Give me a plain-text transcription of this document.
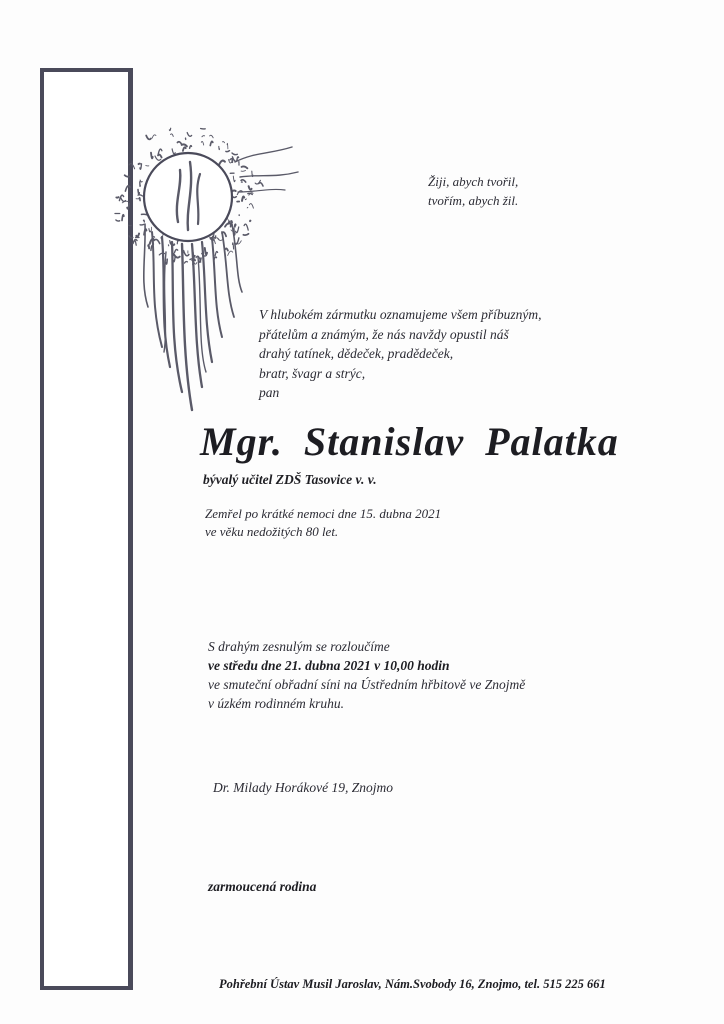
Žiji, abych tvořil,
tvořím, abych žil.
V hlubokém zármutku oznamujeme všem příbuzným,
přátelům a známým, že nás navždy opustil náš
drahý tatínek, dědeček, pradědeček,
bratr, švagr a strýc,
pan
Mgr. Stanislav Palatka
bývalý učitel ZDŠ Tasovice v. v.
Zemřel po krátké nemoci dne 15. dubna 2021
ve věku nedožitých 80 let.
S drahým zesnulým se rozloučíme
ve středu dne 21. dubna 2021 v 10,00 hodin
ve smuteční obřadní síni na Ústředním hřbitově ve Znojmě
v úzkém rodinném kruhu.
Dr. Milady Horákové 19, Znojmo
zarmoucená rodina
Pohřební Ústav Musil Jaroslav, Nám.Svobody 16, Znojmo, tel. 515 225 661
